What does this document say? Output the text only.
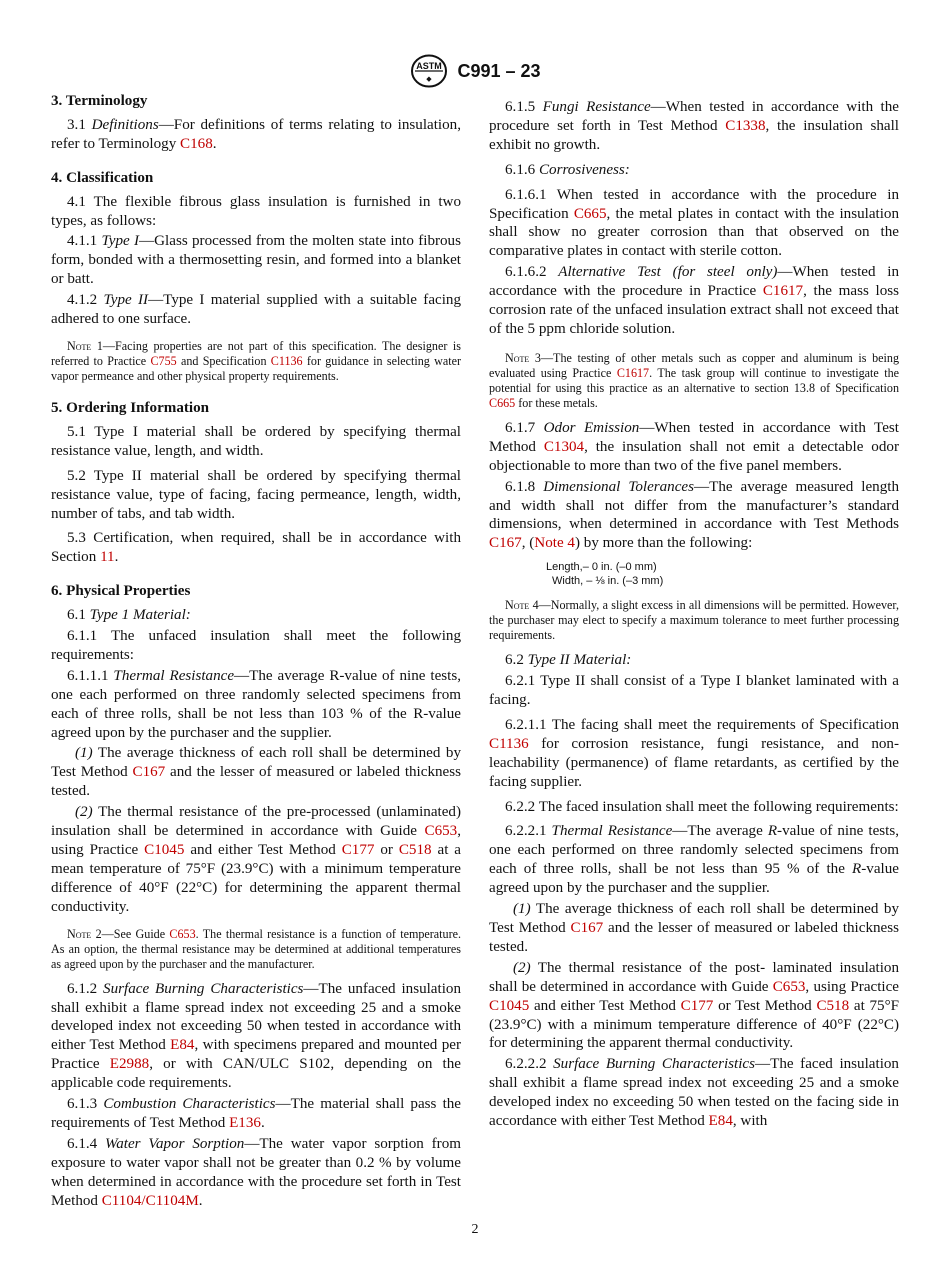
ASTM
◆ C991 – 23
3. Terminology

3.1 Definitions—For definitions of terms relating to insulation, refer to Terminology C168.

4. Classification

4.1 The flexible fibrous glass insulation is furnished in two types, as follows:

4.1.1 Type I—Glass processed from the molten state into fibrous form, bonded with a thermosetting resin, and formed into a blanket or batt.

4.1.2 Type II—Type I material supplied with a suitable facing adhered to one surface.

Note 1—Facing properties are not part of this specification. The designer is referred to Practice C755 and Specification C1136 for guidance in selecting water vapor permeance and other physical property requirements.
5. Ordering Information

5.1 Type I material shall be ordered by specifying thermal resistance value, length, and width.

5.2 Type II material shall be ordered by specifying thermal resistance value, type of facing, facing permeance, length, width, number of tabs, and tab width.

5.3 Certification, when required, shall be in accordance with Section 11.

6. Physical Properties

6.1 Type 1 Material:

6.1.1 The unfaced insulation shall meet the following requirements:

6.1.1.1 Thermal Resistance—The average R-value of nine tests, one each performed on three randomly selected specimens from each of three rolls, shall be not less than 103 % of the R-value agreed upon by the purchaser and the supplier.

(1) The average thickness of each roll shall be determined by Test Method C167 and the lesser of measured or labeled thickness tested.

(2) The thermal resistance of the pre-processed (unlaminated) insulation shall be determined in accordance with Guide C653, using Practice C1045 and either Test Method C177 or C518 at a mean temperature of 75°F (23.9°C) with a minimum temperature difference of 40°F (22°C) for determining the apparent thermal conductivity.

Note 2—See Guide C653. The thermal resistance is a function of temperature. As an option, the thermal resistance may be determined at additional temperatures as agreed upon by the purchaser and the manufacturer.

6.1.2 Surface Burning Characteristics—The unfaced insulation shall exhibit a flame spread index not exceeding 25 and a smoke developed index not exceeding 50 when tested in accordance with either Test Method E84, with specimens prepared and mounted per Practice E2988, or with CAN/ULC S102, depending on the applicable code requirements.

6.1.3 Combustion Characteristics—The material shall pass the requirements of Test Method E136.

6.1.4 Water Vapor Sorption—The water vapor sorption from exposure to water vapor shall not be greater than 0.2 % by volume when determined in accordance with the procedure set forth in Test Method C1104/C1104M.

6.1.5 Fungi Resistance—When tested in accordance with the procedure set forth in Test Method C1338, the insulation shall exhibit no growth.

6.1.6 Corrosiveness:

6.1.6.1 When tested in accordance with the procedure in Specification C665, the metal plates in contact with the insulation shall show no greater corrosion than that observed on the comparative plates in contact with sterile cotton.

6.1.6.2 Alternative Test (for steel only)—When tested in accordance with the procedure in Practice C1617, the mass loss corrosion rate of the unfaced insulation extract shall not exceed that of the 5 ppm chloride solution.

Note 3—The testing of other metals such as copper and aluminum is being evaluated using Practice C1617. The task group will continue to investigate the potential for using this practice as an alternative to section 13.8 of Specification C665 for these metals.

6.1.7 Odor Emission—When tested in accordance with Test Method C1304, the insulation shall not emit a detectable odor objectionable to more than two of the five panel members.

6.1.8 Dimensional Tolerances—The average measured length and width shall not differ from the manufacturer’s standard dimensions, when determined in accordance with Test Methods C167, (Note 4) by more than the following:

Length,– 0 in. (–0 mm)
Width, – ⅛ in. (–3 mm)
Note 4—Normally, a slight excess in all dimensions will be permitted. However, the purchaser may elect to specify a maximum tolerance to meet further processing requirements.

6.2 Type II Material:

6.2.1 Type II shall consist of a Type I blanket laminated with a facing.

6.2.1.1 The facing shall meet the requirements of Specification C1136 for corrosion resistance, fungi resistance, and non-leachability (permanence) of flame retardants, as certified by the facing supplier.

6.2.2 The faced insulation shall meet the following requirements:

6.2.2.1 Thermal Resistance—The average R-value of nine tests, one each performed on three randomly selected specimens from each of three rolls, shall be not less than 95 % of the R-value agreed upon by the purchaser and the supplier.

(1) The average thickness of each roll shall be determined by Test Method C167 and the lesser of measured or labeled thickness tested.

(2) The thermal resistance of the post- laminated insulation shall be determined in accordance with Guide C653, using Practice C1045 and either Test Method C177 or Test Method C518 at 75°F (23.9°C) with a minimum temperature difference of 40°F (22°C) for determining the apparent thermal conductivity.

6.2.2.2 Surface Burning Characteristics—The faced insulation shall exhibit a flame spread index not exceeding 25 and a smoke developed index no exceeding 50 when tested on the facing side in accordance with either Test Method E84, with

2
